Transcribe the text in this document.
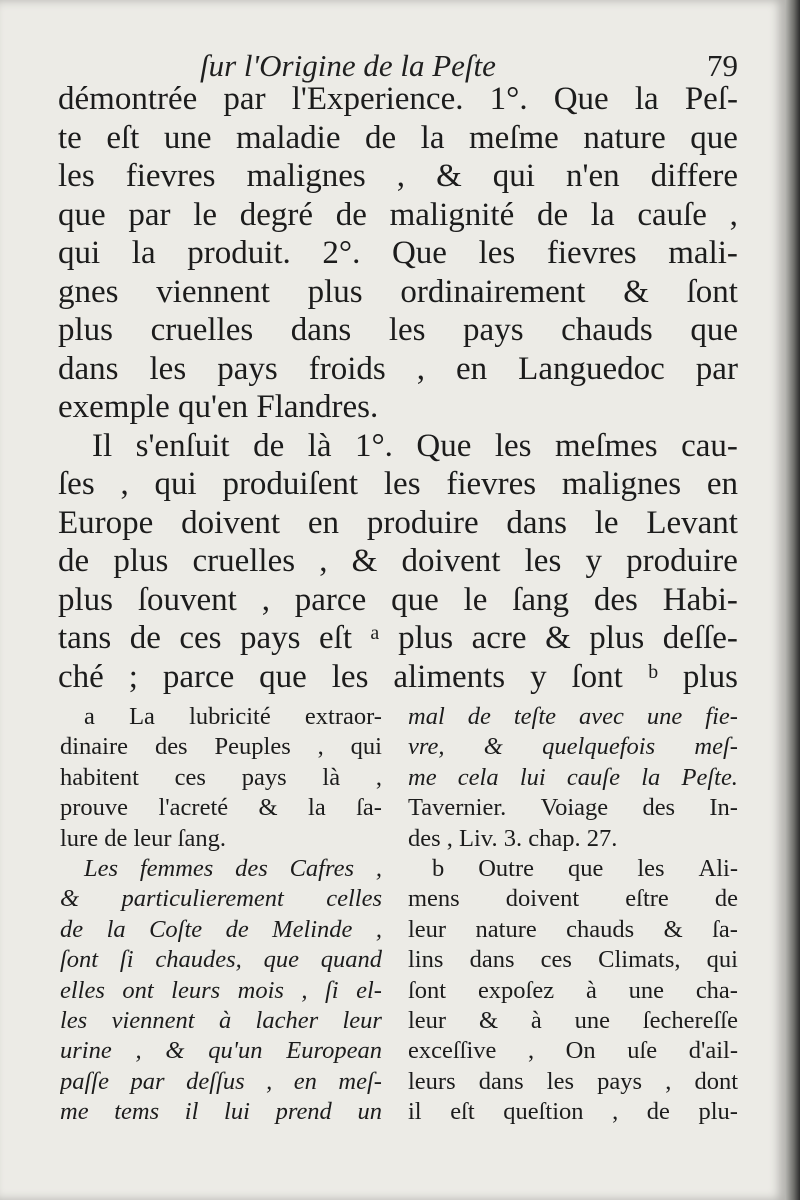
ſur l'Origine de la Peſte	79
démontrée par l'Experience. 1°. Que la Peſ-
te eſt une maladie de la meſme nature que
les fievres malignes , & qui n'en differe
que par le degré de malignité de la cauſe ,
qui la produit. 2°. Que les fievres mali-
gnes viennent plus ordinairement & ſont
plus cruelles dans les pays chauds que
dans les pays froids , en Languedoc par
exemple qu'en Flandres.
Il s'enſuit de là 1°. Que les meſmes cau-
ſes , qui produiſent les fievres malignes en
Europe doivent en produire dans le Levant
de plus cruelles , & doivent les y produire
plus ſouvent , parce que le ſang des Habi-
tans de ces pays eſt ᵃ plus acre & plus deſſe-
ché ; parce que les aliments y ſont ᵇ plus
a La lubricité extraor-
dinaire des Peuples , qui
habitent ces pays là ,
prouve l'acreté & la ſa-
lure de leur ſang.
Les femmes des Cafres ,
& particulierement celles
de la Coſte de Melinde ,
ſont ſi chaudes, que quand
elles ont leurs mois , ſi el-
les viennent à lacher leur
urine , & qu'un European
paſſe par deſſus , en meſ-
me tems il lui prend un
mal de teſte avec une fie-
vre, & quelquefois meſ-
me cela lui cauſe la Peſte.
Tavernier. Voiage des In-
des , Liv. 3. chap. 27.
b Outre que les Ali-
mens doivent eſtre de
leur nature chauds & ſa-
lins dans ces Climats, qui
ſont expoſez à une cha-
leur & à une ſechereſſe
exceſſive , On uſe d'ail-
leurs dans les pays , dont
il eſt queſtion , de plu-
